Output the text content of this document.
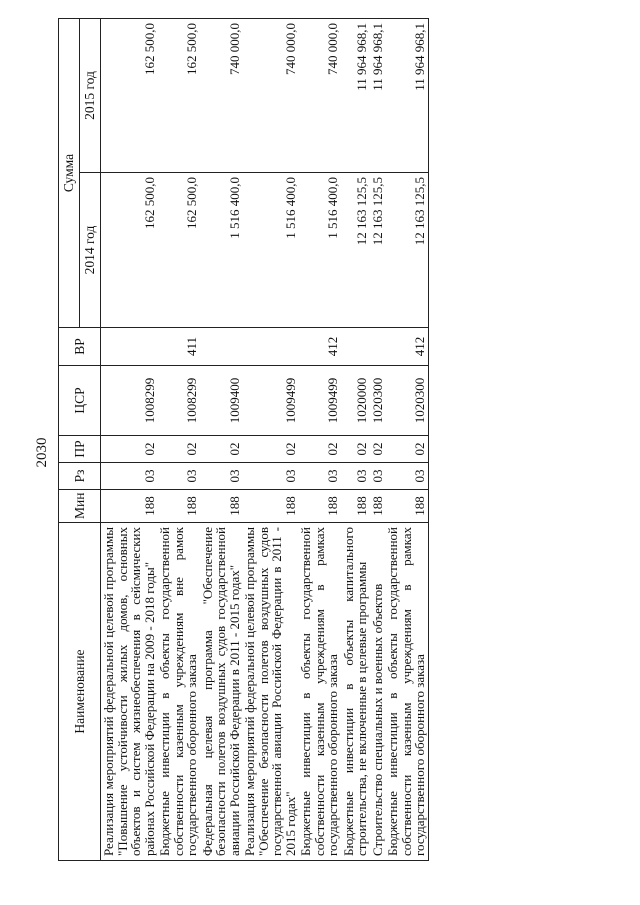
2030
Наименование	Мин	Рз	ПР	ЦСР	ВР	Сумма	
						2014 год	2015 год
Реализация мероприятий федеральной целевой программы "Повышение устойчивости жилых домов, основных объектов и систем жизнеобеспечения в сейсмических районах Российской Федерации на 2009 - 2018 годы"	188	03	02	1008299		162 500,0	162 500,0
Бюджетные инвестиции в объекты государственной собственности казенным учреждениям вне рамок государственного оборонного заказа	188	03	02	1008299	411	162 500,0	162 500,0
Федеральная целевая программа "Обеспечение безопасности полетов воздушных судов государственной авиации Российской Федерации в 2011 - 2015 годах"	188	03	02	1009400		1 516 400,0	740 000,0
Реализация мероприятий федеральной целевой программы "Обеспечение безопасности полетов воздушных судов государственной авиации Российской Федерации в 2011 - 2015 годах"	188	03	02	1009499		1 516 400,0	740 000,0
Бюджетные инвестиции в объекты государственной собственности казенным учреждениям в рамках государственного оборонного заказа	188	03	02	1009499	412	1 516 400,0	740 000,0
Бюджетные инвестиции в объекты капитального строительства, не включенные в целевые программы	188	03	02	1020000		12 163 125,5	11 964 968,1
Строительство специальных и военных объектов	188	03	02	1020300		12 163 125,5	11 964 968,1
Бюджетные инвестиции в объекты государственной собственности казенным учреждениям в рамках государственного оборонного заказа	188	03	02	1020300	412	12 163 125,5	11 964 968,1
